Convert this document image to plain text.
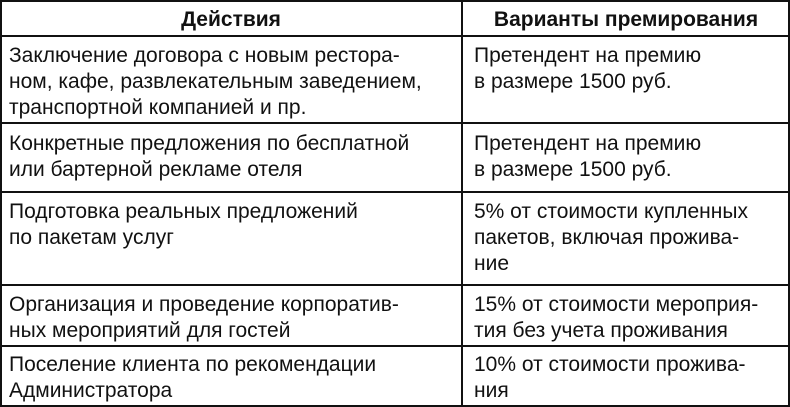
Действия	Варианты премирования
Заключение договора с новым рестора-
ном, кафе, развлекательным заведением,
транспортной компанией и пр.
Претендент на премию
в размере 1500 руб.
Конкретные предложения по бесплатной
или бартерной рекламе отеля
Претендент на премию
в размере 1500 руб.
Подготовка реальных предложений
по пакетам услуг
5% от стоимости купленных
пакетов, включая прожива-
ние
Организация и проведение корпоратив-
ных мероприятий для гостей
15% от стоимости мероприя-
тия без учета проживания
Поселение клиента по рекомендации
Администратора
10% от стоимости прожива-
ния
